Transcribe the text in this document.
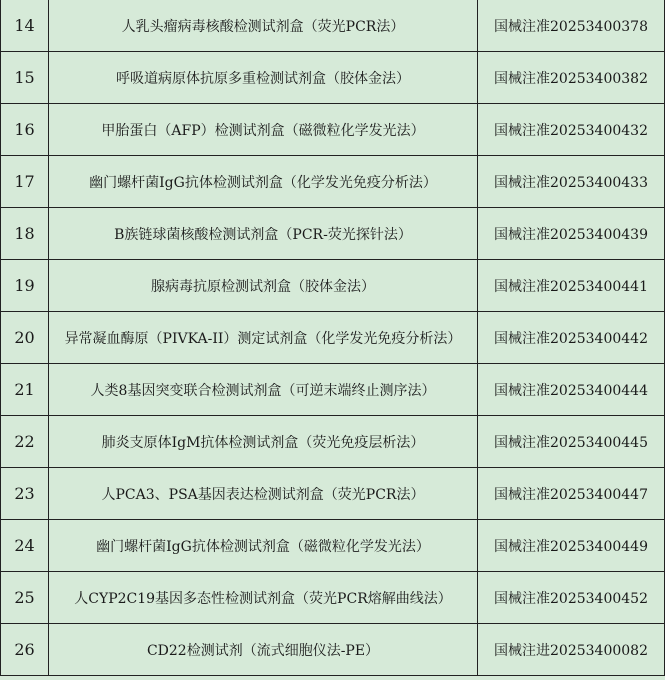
14	人乳头瘤病毒核酸检测试剂盒（荧光PCR法）	国械注准20253400378
15	呼吸道病原体抗原多重检测试剂盒（胶体金法）	国械注准20253400382
16	甲胎蛋白（AFP）检测试剂盒（磁微粒化学发光法）	国械注准20253400432
17	幽门螺杆菌IgG抗体检测试剂盒（化学发光免疫分析法）	国械注准20253400433
18	B族链球菌核酸检测试剂盒（PCR-荧光探针法）	国械注准20253400439
19	腺病毒抗原检测试剂盒（胶体金法）	国械注准20253400441
20	异常凝血酶原（PIVKA-II）测定试剂盒（化学发光免疫分析法）	国械注准20253400442
21	人类8基因突变联合检测试剂盒（可逆末端终止测序法）	国械注准20253400444
22	肺炎支原体IgM抗体检测试剂盒（荧光免疫层析法）	国械注准20253400445
23	人PCA3、PSA基因表达检测试剂盒（荧光PCR法）	国械注准20253400447
24	幽门螺杆菌IgG抗体检测试剂盒（磁微粒化学发光法）	国械注准20253400449
25	人CYP2C19基因多态性检测试剂盒（荧光PCR熔解曲线法）	国械注准20253400452
26	CD22检测试剂（流式细胞仪法-PE）	国械注进20253400082
